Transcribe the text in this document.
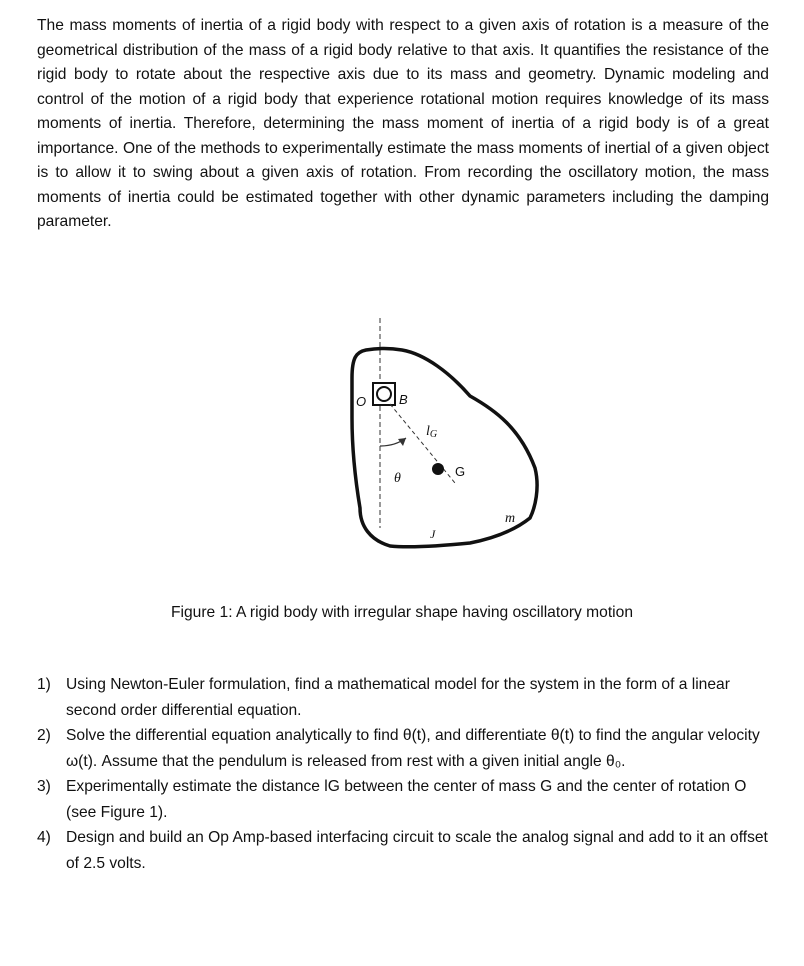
The mass moments of inertia of a rigid body with respect to a given axis of rotation is a measure of the geometrical distribution of the mass of a rigid body relative to that axis. It quantifies the resistance of the rigid body to rotate about the respective axis due to its mass and geometry. Dynamic modeling and control of the motion of a rigid body that experience rotational motion requires knowledge of its mass moments of inertia. Therefore, determining the mass moment of inertia of a rigid body is of a great importance. One of the methods to experimentally estimate the mass moments of inertial of a given object is to allow it to swing about a given axis of rotation. From recording the oscillatory motion, the mass moments of inertia could be estimated together with other dynamic parameters including the damping parameter.

O	B
lG
G
θ
m
J
Figure 1: A rigid body with irregular shape having oscillatory motion
1) Using Newton-Euler formulation, find a mathematical model for the system in the form of a linear second order differential equation.
2) Solve the differential equation analytically to find θ(t), and differentiate θ(t) to find the angular velocity ω(t). Assume that the pendulum is released from rest with a given initial angle θ₀.
3) Experimentally estimate the distance lG between the center of mass G and the center of rotation O (see Figure 1).
4) Design and build an Op Amp-based interfacing circuit to scale the analog signal and add to it an offset of 2.5 volts.
